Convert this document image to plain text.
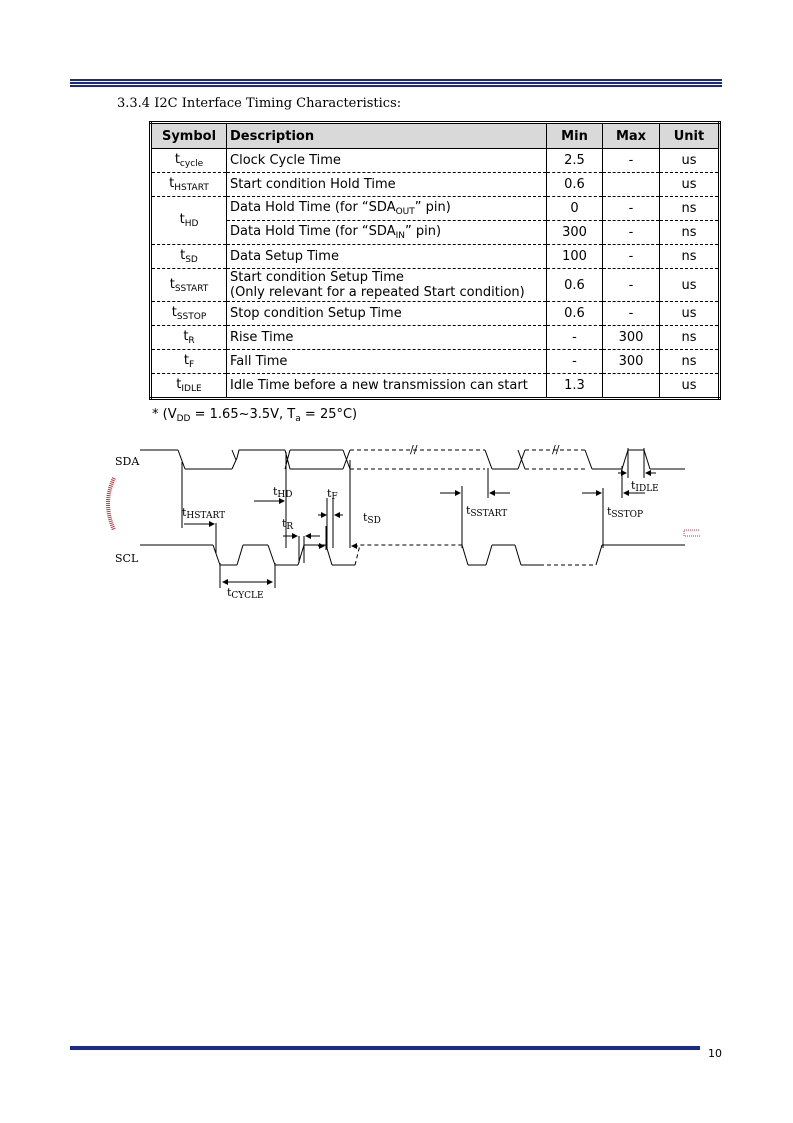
3.3.4 I2C Interface Timing Characteristics:
Symbol	Description	Min	Max	Unit
$t_{cycle}$	Clock Cycle Time	2.5	-	us
$t_{HSTART}$	Start condition Hold Time	0.6		us
$t_{HD}$	Data Hold Time (for “$SDA_{OUT}$” pin)	0	-	ns
	Data Hold Time (for “$SDA_{IN}$” pin)	300	-	ns
$t_{SD}$	Data Setup Time	100	-	ns
$t_{SSTART}$	Start condition Setup Time
(Only relevant for a repeated Start condition)	0.6	-	us
$t_{SSTOP}$	Stop condition Setup Time	0.6	-	us
$t_R$	Rise Time	-	300	ns
$t_F$	Fall Time	-	300	ns
$t_{IDLE}$	Idle Time before a new transmission can start	1.3		us
* ($V_{DD}$ = 1.65~3.5V, $T_a = 25^\circ C$)
SDA
SCL
//	//
tHSTART
tHD	tF
tR
tSD
tSSTART	tSSTOP
tIDLE
tCYCLE
10
